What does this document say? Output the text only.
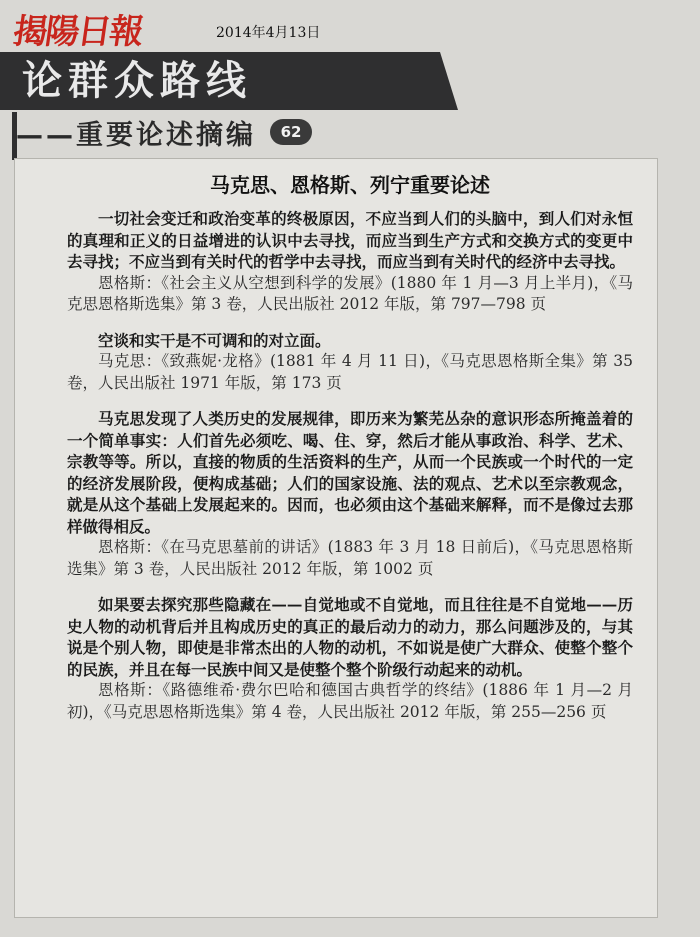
揭陽日報	2014年4月13日
论群众路线
——重要论述摘编	62
马克思、恩格斯、列宁重要论述

一切社会变迁和政治变革的终极原因，不应当到人们的头脑中，到人们对永恒的真理和正义的日益增进的认识中去寻找，而应当到生产方式和交换方式的变更中去寻找；不应当到有关时代的哲学中去寻找，而应当到有关时代的经济中去寻找。

恩格斯：《社会主义从空想到科学的发展》(1880 年 1 月—3 月上半月)，《马克思恩格斯选集》第 3 卷，人民出版社 2012 年版，第 797—798 页

空谈和实干是不可调和的对立面。

马克思：《致燕妮·龙格》(1881 年 4 月 11 日)，《马克思恩格斯全集》第 35 卷，人民出版社 1971 年版，第 173 页

马克思发现了人类历史的发展规律，即历来为繁芜丛杂的意识形态所掩盖着的一个简单事实：人们首先必须吃、喝、住、穿，然后才能从事政治、科学、艺术、宗教等等。所以，直接的物质的生活资料的生产，从而一个民族或一个时代的一定的经济发展阶段，便构成基础；人们的国家设施、法的观点、艺术以至宗教观念，就是从这个基础上发展起来的。因而，也必须由这个基础来解释，而不是像过去那样做得相反。

恩格斯：《在马克思墓前的讲话》(1883 年 3 月 18 日前后)，《马克思恩格斯选集》第 3 卷，人民出版社 2012 年版，第 1002 页

如果要去探究那些隐藏在——自觉地或不自觉地，而且往往是不自觉地——历史人物的动机背后并且构成历史的真正的最后动力的动力，那么问题涉及的，与其说是个别人物，即使是非常杰出的人物的动机，不如说是使广大群众、使整个整个的民族，并且在每一民族中间又是使整个整个阶级行动起来的动机。

恩格斯：《路德维希·费尔巴哈和德国古典哲学的终结》(1886 年 1 月—2 月初)，《马克思恩格斯选集》第 4 卷，人民出版社 2012 年版，第 255—256 页
